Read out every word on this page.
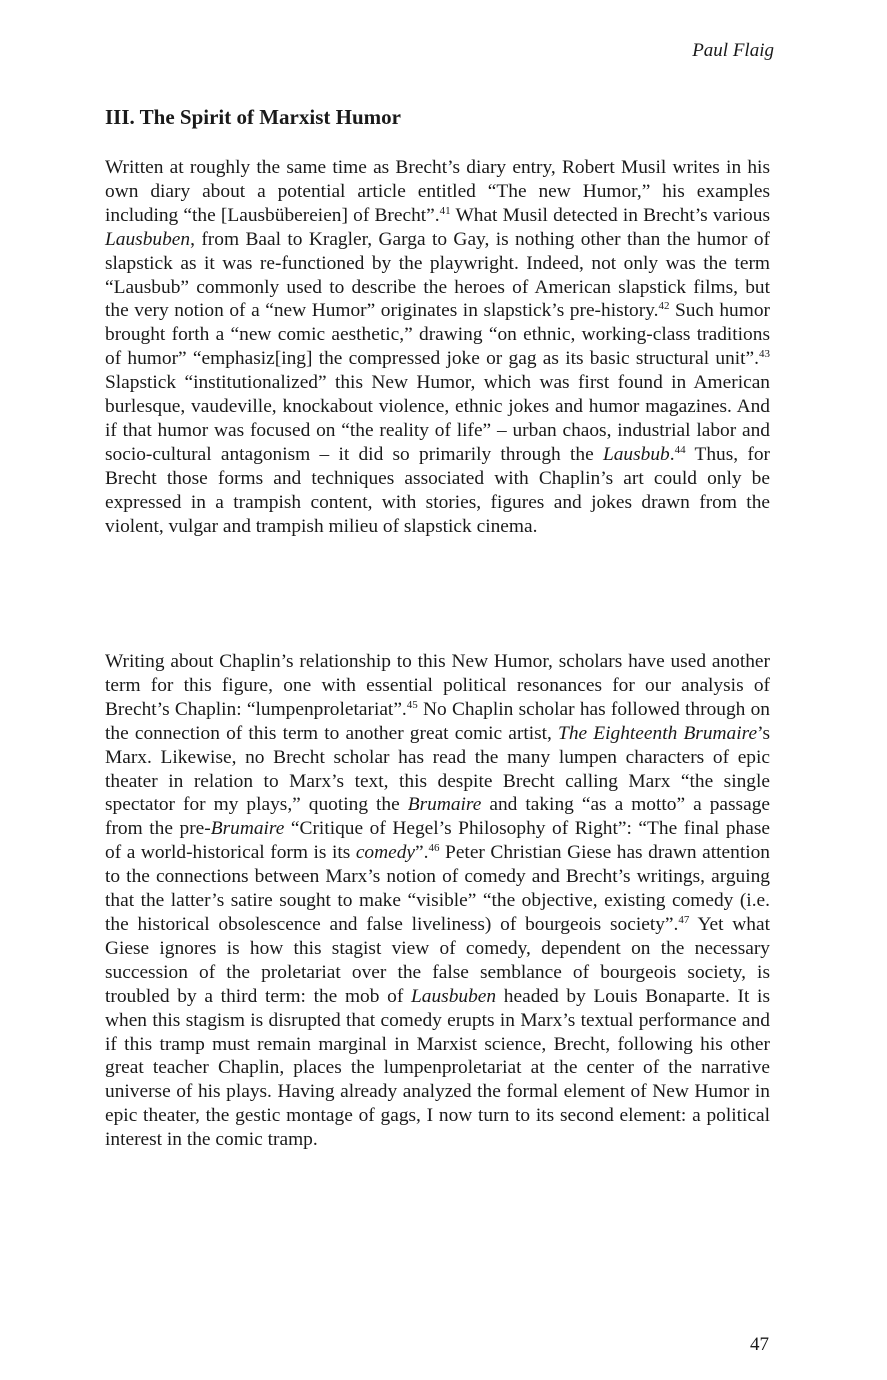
Paul Flaig
III. The Spirit of Marxist Humor

Written at roughly the same time as Brecht’s diary entry, Robert Musil writes in his own diary about a potential article entitled “The new Humor,” his examples including “the [Lausbübereien] of Brecht”.$^{41}$ What Musil detected in Brecht’s various Lausbuben, from Baal to Kragler, Garga to Gay, is nothing other than the humor of slapstick as it was re-functioned by the playwright. Indeed, not only was the term “Lausbub” commonly used to describe the heroes of American slapstick films, but the very notion of a “new Humor” originates in slapstick’s pre-history.$^{42}$ Such humor brought forth a “new comic aesthetic,” drawing “on ethnic, working-class traditions of humor” “emphasiz[ing] the compressed joke or gag as its basic structural unit”.$^{43}$ Slapstick “institutionalized” this New Humor, which was first found in American burlesque, vaudeville, knockabout violence, ethnic jokes and humor magazines. And if that humor was focused on “the reality of life” – urban chaos, industrial labor and socio-cultural antagonism – it did so primarily through the Lausbub.$^{44}$ Thus, for Brecht those forms and techniques associated with Chaplin’s art could only be expressed in a trampish content, with stories, figures and jokes drawn from the violent, vulgar and trampish milieu of slapstick cinema.

Writing about Chaplin’s relationship to this New Humor, scholars have used another term for this figure, one with essential political resonances for our analysis of Brecht’s Chaplin: “lumpenproletariat”.$^{45}$ No Chaplin scholar has followed through on the connection of this term to another great comic artist, The Eighteenth Brumaire’s Marx. Likewise, no Brecht scholar has read the many lumpen characters of epic theater in relation to Marx’s text, this despite Brecht calling Marx “the single spectator for my plays,” quoting the Brumaire and taking “as a motto” a passage from the pre-Brumaire “Critique of Hegel’s Philosophy of Right”: “The final phase of a world-historical form is its comedy”.$^{46}$ Peter Christian Giese has drawn attention to the connections between Marx’s notion of comedy and Brecht’s writings, arguing that the latter’s satire sought to make “visible” “the objective, existing comedy (i.e. the historical obsolescence and false liveliness) of bourgeois society”.$^{47}$ Yet what Giese ignores is how this stagist view of comedy, dependent on the necessary succession of the proletariat over the false semblance of bourgeois society, is troubled by a third term: the mob of Lausbuben headed by Louis Bonaparte. It is when this stagism is disrupted that comedy erupts in Marx’s textual performance and if this tramp must remain marginal in Marxist science, Brecht, following his other great teacher Chaplin, places the lumpenproletariat at the center of the narrative universe of his plays. Having already analyzed the formal element of New Humor in epic theater, the gestic montage of gags, I now turn to its second element: a political interest in the comic tramp.

47
